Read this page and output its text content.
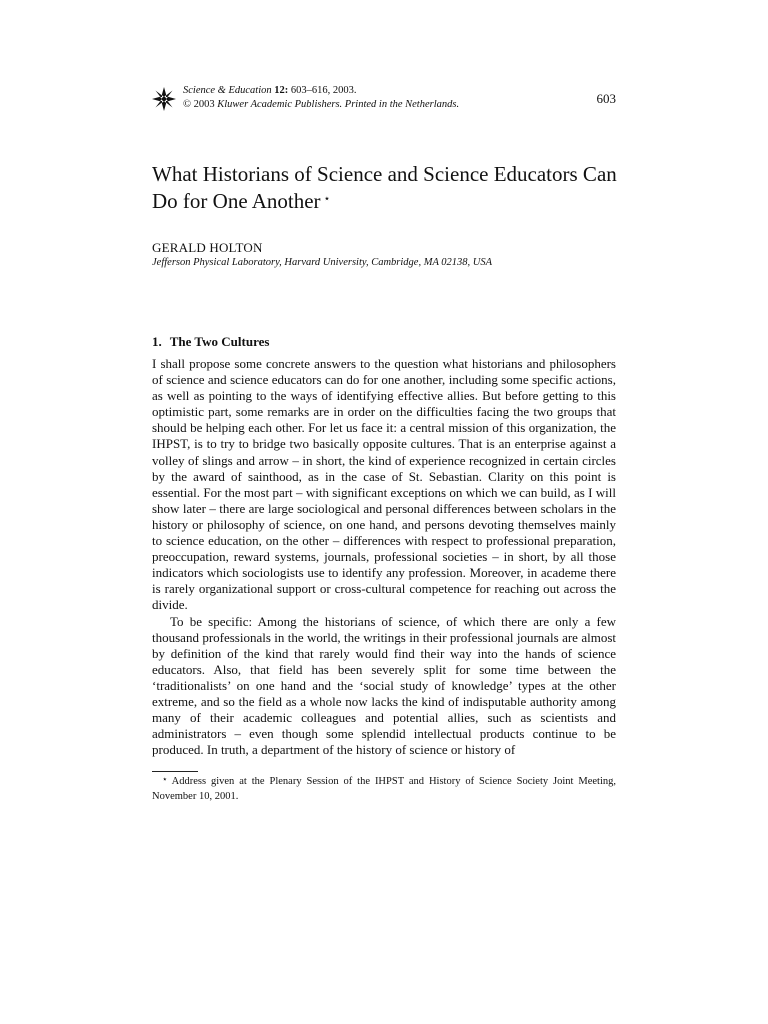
Science & Education 12: 603–616, 2003.
© 2003 Kluwer Academic Publishers. Printed in the Netherlands.	603
What Historians of Science and Science Educators Can Do for One Another ⋆
GERALD HOLTON
Jefferson Physical Laboratory, Harvard University, Cambridge, MA 02138, USA
1. The Two Cultures

I shall propose some concrete answers to the question what historians and philosophers of science and science educators can do for one another, including some specific actions, as well as pointing to the ways of identifying effective allies. But before getting to this optimistic part, some remarks are in order on the difficulties facing the two groups that should be helping each other. For let us face it: a central mission of this organization, the IHPST, is to try to bridge two basically opposite cultures. That is an enterprise against a volley of slings and arrow – in short, the kind of experience recognized in certain circles by the award of sainthood, as in the case of St. Sebastian. Clarity on this point is essential. For the most part – with significant exceptions on which we can build, as I will show later – there are large sociological and personal differences between scholars in the history or philosophy of science, on one hand, and persons devoting themselves mainly to science education, on the other – differences with respect to professional preparation, preoccupation, reward systems, journals, professional societies – in short, by all those indicators which sociologists use to identify any profession. Moreover, in academe there is rarely organizational support or cross-cultural competence for reaching out across the divide.

To be specific: Among the historians of science, of which there are only a few thousand professionals in the world, the writings in their professional journals are almost by definition of the kind that rarely would find their way into the hands of science educators. Also, that field has been severely split for some time between the ‘traditionalists’ on one hand and the ‘social study of knowledge’ types at the other extreme, and so the field as a whole now lacks the kind of indisputable authority among many of their academic colleagues and potential allies, such as scientists and administrators – even though some splendid intellectual products continue to be produced. In truth, a department of the history of science or history of

⋆ Address given at the Plenary Session of the IHPST and History of Science Society Joint Meeting, November 10, 2001.
